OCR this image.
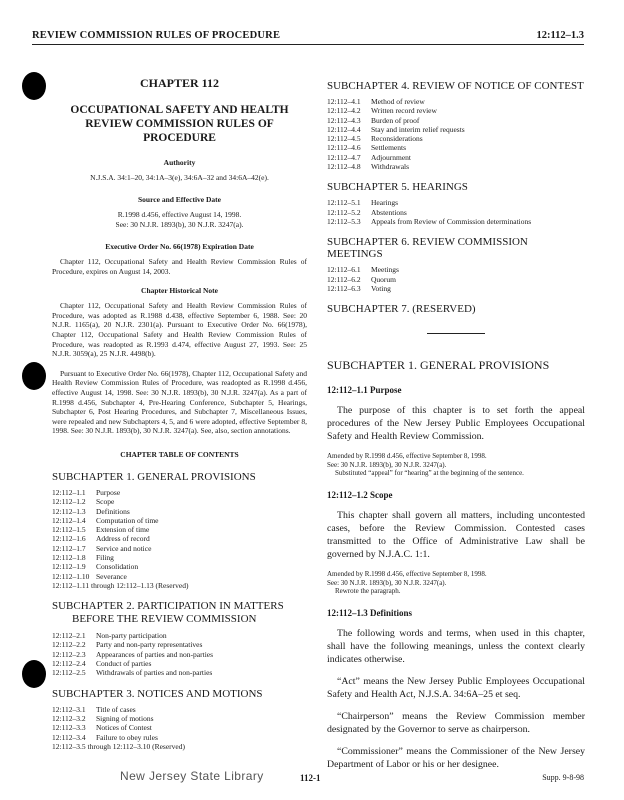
REVIEW COMMISSION RULES OF PROCEDURE	12:112–1.3
CHAPTER 112
OCCUPATIONAL SAFETY AND HEALTH REVIEW COMMISSION RULES OF PROCEDURE
Authority
N.J.S.A. 34:1–20, 34:1A–3(e), 34:6A–32 and 34:6A–42(e).
Source and Effective Date
R.1998 d.456, effective August 14, 1998.
See: 30 N.J.R. 1893(b), 30 N.J.R. 3247(a).
Executive Order No. 66(1978) Expiration Date
Chapter 112, Occupational Safety and Health Review Commission Rules of Procedure, expires on August 14, 2003.
Chapter Historical Note
Chapter 112, Occupational Safety and Health Review Commission Rules of Procedure, was adopted as R.1988 d.438, effective September 6, 1988. See: 20 N.J.R. 1165(a), 20 N.J.R. 2301(a). Pursuant to Executive Order No. 66(1978), Chapter 112, Occupational Safety and Health Review Commission Rules of Procedure, was readopted as R.1993 d.474, effective August 27, 1993. See: 25 N.J.R. 3059(a), 25 N.J.R. 4498(b).
Pursuant to Executive Order No. 66(1978), Chapter 112, Occupational Safety and Health Review Commission Rules of Procedure, was readopted as R.1998 d.456, effective August 14, 1998. See: 30 N.J.R. 1893(b), 30 N.J.R. 3247(a). As a part of R.1998 d.456, Subchapter 4, Pre-Hearing Conference, Subchapter 5, Hearings, Subchapter 6, Post Hearing Procedures, and Subchapter 7, Miscellaneous Issues, were repealed and new Subchapters 4, 5, and 6 were adopted, effective September 8, 1998. See: 30 N.J.R. 1893(b), 30 N.J.R. 3247(a). See, also, section annotations.
CHAPTER TABLE OF CONTENTS
SUBCHAPTER 1. GENERAL PROVISIONS
12:112–1.1	Purpose
12:112–1.2	Scope
12:112–1.3	Definitions
12:112–1.4	Computation of time
12:112–1.5	Extension of time
12:112–1.6	Address of record
12:112–1.7	Service and notice
12:112–1.8	Filing
12:112–1.9	Consolidation
12:112–1.10 Severance
12:112–1.11 through 12:112–1.13 (Reserved)
SUBCHAPTER 2. PARTICIPATION IN MATTERS
BEFORE THE REVIEW COMMISSION
12:112–2.1	Non-party participation
12:112–2.2	Party and non-party representatives
12:112–2.3	Appearances of parties and non-parties
12:112–2.4	Conduct of parties
12:112–2.5	Withdrawals of parties and non-parties
SUBCHAPTER 3. NOTICES AND MOTIONS
12:112–3.1	Title of cases
12:112–3.2	Signing of motions
12:112–3.3	Notices of Contest
12:112–3.4	Failure to obey rules
12:112–3.5 through 12:112–3.10 (Reserved)
SUBCHAPTER 4. REVIEW OF NOTICE OF CONTEST
12:112–4.1	Method of review
12:112–4.2	Written record review
12:112–4.3	Burden of proof
12:112–4.4	Stay and interim relief requests
12:112–4.5	Reconsiderations
12:112–4.6	Settlements
12:112–4.7	Adjournment
12:112–4.8	Withdrawals
SUBCHAPTER 5. HEARINGS
12:112–5.1	Hearings
12:112–5.2	Abstentions
12:112–5.3	Appeals from Review of Commission determinations
SUBCHAPTER 6. REVIEW COMMISSION MEETINGS
12:112–6.1	Meetings
12:112–6.2	Quorum
12:112–6.3	Voting
SUBCHAPTER 7. (RESERVED)
SUBCHAPTER 1. GENERAL PROVISIONS
12:112–1.1 Purpose
The purpose of this chapter is to set forth the appeal procedures of the New Jersey Public Employees Occupational Safety and Health Review Commission.
Amended by R.1998 d.456, effective September 8, 1998.
See: 30 N.J.R. 1893(b), 30 N.J.R. 3247(a).

Substituted “appeal” for “hearing” at the beginning of the sentence.
12:112–1.2 Scope
This chapter shall govern all matters, including uncontested cases, before the Review Commission. Contested cases transmitted to the Office of Administrative Law shall be governed by N.J.A.C. 1:1.
Amended by R.1998 d.456, effective September 8, 1998.
See: 30 N.J.R. 1893(b), 30 N.J.R. 3247(a).

Rewrote the paragraph.
12:112–1.3 Definitions
The following words and terms, when used in this chapter, shall have the following meanings, unless the context clearly indicates otherwise.
“Act” means the New Jersey Public Employees Occupational Safety and Health Act, N.J.S.A. 34:6A–25 et seq.
“Chairperson” means the Review Commission member designated by the Governor to serve as chairperson.
“Commissioner” means the Commissioner of the New Jersey Department of Labor or his or her designee.
New Jersey State Library	112-1	Supp. 9-8-98
